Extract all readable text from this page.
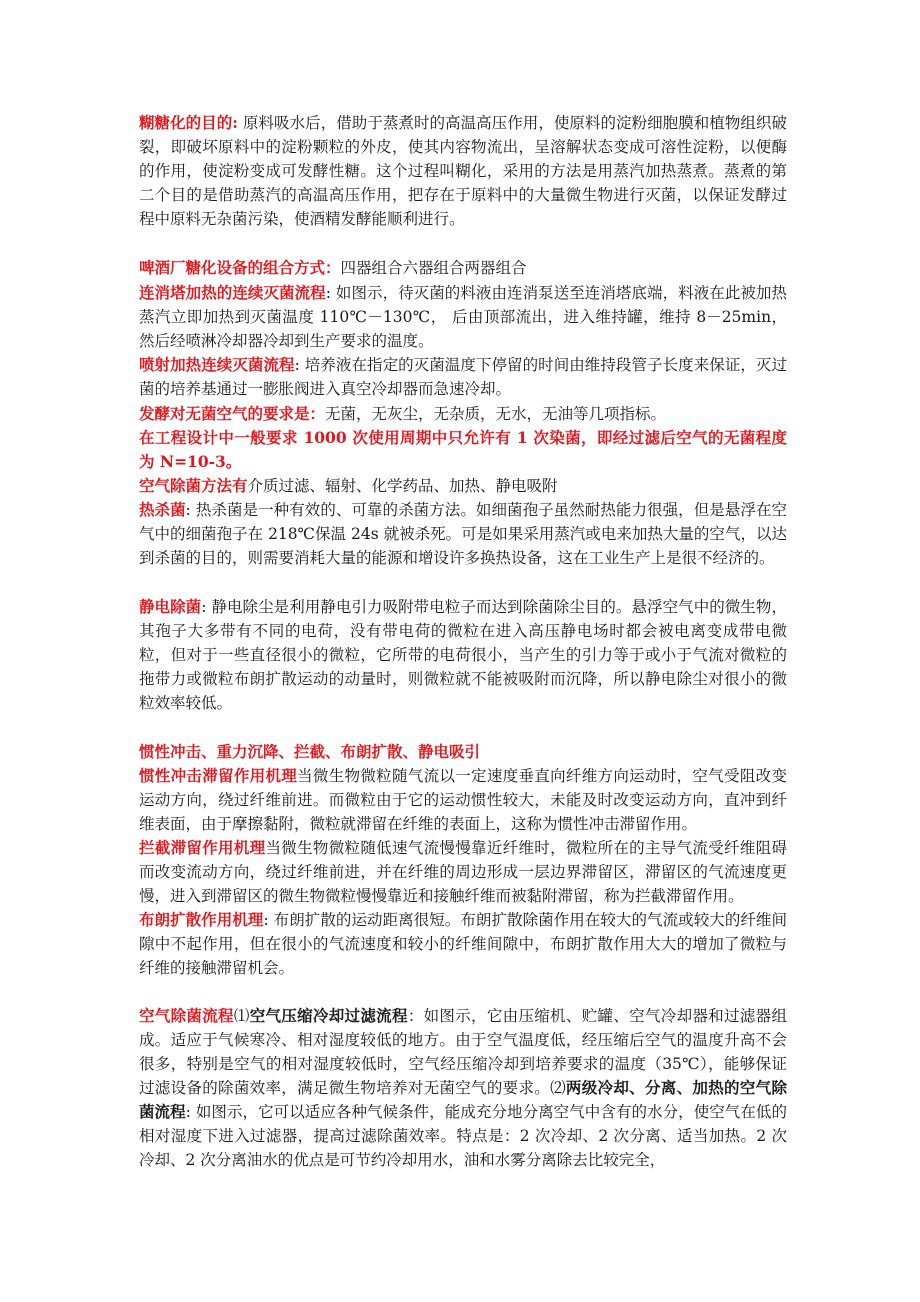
糊糖化的目的: 原料吸水后，借助于蒸煮时的高温高压作用，使原料的淀粉细胞膜和植物组织破裂，即破坏原料中的淀粉颗粒的外皮，使其内容物流出，呈溶解状态变成可溶性淀粉，以便酶的作用，使淀粉变成可发酵性糖。这个过程叫糊化，采用的方法是用蒸汽加热蒸煮。蒸煮的第二个目的是借助蒸汽的高温高压作用，把存在于原料中的大量微生物进行灭菌，以保证发酵过程中原料无杂菌污染，使酒精发酵能顺利进行。

啤酒厂糖化设备的组合方式：四器组合六器组合两器组合

连消塔加热的连续灭菌流程: 如图示，待灭菌的料液由连消泵送至连消塔底端，料液在此被加热蒸汽立即加热到灭菌温度 110℃－130℃， 后由顶部流出，进入维持罐，维持 8－25min，然后经喷淋冷却器冷却到生产要求的温度。

喷射加热连续灭菌流程: 培养液在指定的灭菌温度下停留的时间由维持段管子长度来保证，灭过菌的培养基通过一膨胀阀进入真空冷却器而急速冷却。

发酵对无菌空气的要求是：无菌，无灰尘，无杂质，无水，无油等几项指标。

在工程设计中一般要求 1000 次使用周期中只允许有 1 次染菌，即经过滤后空气的无菌程度为 N=10-3。

空气除菌方法有介质过滤、辐射、化学药品、加热、静电吸附

热杀菌: 热杀菌是一种有效的、可靠的杀菌方法。如细菌孢子虽然耐热能力很强，但是悬浮在空气中的细菌孢子在 218℃保温 24s 就被杀死。可是如果采用蒸汽或电来加热大量的空气，以达到杀菌的目的，则需要消耗大量的能源和增设许多换热设备，这在工业生产上是很不经济的。

静电除菌: 静电除尘是利用静电引力吸附带电粒子而达到除菌除尘目的。悬浮空气中的微生物，其孢子大多带有不同的电荷，没有带电荷的微粒在进入高压静电场时都会被电离变成带电微粒，但对于一些直径很小的微粒，它所带的电荷很小，当产生的引力等于或小于气流对微粒的拖带力或微粒布朗扩散运动的动量时，则微粒就不能被吸附而沉降，所以静电除尘对很小的微粒效率较低。

惯性冲击、重力沉降、拦截、布朗扩散、静电吸引

惯性冲击滞留作用机理当微生物微粒随气流以一定速度垂直向纤维方向运动时，空气受阻改变运动方向，绕过纤维前进。而微粒由于它的运动惯性较大，未能及时改变运动方向，直冲到纤维表面，由于摩擦黏附，微粒就滞留在纤维的表面上，这称为惯性冲击滞留作用。

拦截滞留作用机理当微生物微粒随低速气流慢慢靠近纤维时，微粒所在的主导气流受纤维阻碍而改变流动方向，绕过纤维前进，并在纤维的周边形成一层边界滞留区，滞留区的气流速度更慢，进入到滞留区的微生物微粒慢慢靠近和接触纤维而被黏附滞留，称为拦截滞留作用。

布朗扩散作用机理: 布朗扩散的运动距离很短。布朗扩散除菌作用在较大的气流或较大的纤维间隙中不起作用，但在很小的气流速度和较小的纤维间隙中，布朗扩散作用大大的增加了微粒与纤维的接触滞留机会。

空气除菌流程⑴空气压缩冷却过滤流程：如图示，它由压缩机、贮罐、空气冷却器和过滤器组成。适应于气候寒冷、相对湿度较低的地方。由于空气温度低，经压缩后空气的温度升高不会很多，特别是空气的相对湿度较低时，空气经压缩冷却到培养要求的温度（35℃），能够保证过滤设备的除菌效率，满足微生物培养对无菌空气的要求。⑵两级冷却、分离、加热的空气除菌流程: 如图示，它可以适应各种气候条件，能成充分地分离空气中含有的水分，使空气在低的相对湿度下进入过滤器，提高过滤除菌效率。特点是：2 次冷却、2 次分离、适当加热。2 次冷却、2 次分离油水的优点是可节约冷却用水，油和水雾分离除去比较完全，
